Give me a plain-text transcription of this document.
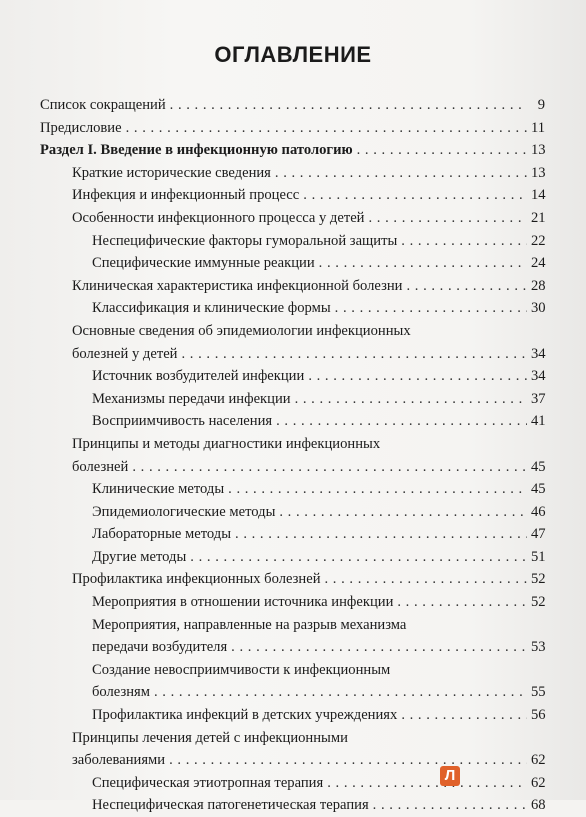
ОГЛАВЛЕНИЕ
Список сокращений . . .	9
Предисловие . . .	11
Раздел I. Введение в инфекционную патологию . . .	13
Краткие исторические сведения . . .	13
Инфекция и инфекционный процесс . . .	14
Особенности инфекционного процесса у детей . . .	21
Неспецифические факторы гуморальной защиты . . .	22
Специфические иммунные реакции . . .	24
Клиническая характеристика инфекционной болезни . . .	28
Классификация и клинические формы . . .	30
Основные сведения об эпидемиологии инфекционных
болезней у детей . . .	34
Источник возбудителей инфекции . . .	34
Механизмы передачи инфекции . . .	37
Восприимчивость населения . . .	41
Принципы и методы диагностики инфекционных
болезней . . .	45
Клинические методы . . .	45
Эпидемиологические методы . . .	46
Лабораторные методы . . .	47
Другие методы . . .	51
Профилактика инфекционных болезней . . .	52
Мероприятия в отношении источника инфекции . . .	52
Мероприятия, направленные на разрыв механизма
передачи возбудителя . . .	53
Создание невосприимчивости к инфекционным
болезням . . .	55
Профилактика инфекций в детских учреждениях . . .	56
Принципы лечения детей с инфекционными
заболеваниями . . .	62
Специфическая этиотропная терапия . . .	62
Неспецифическая патогенетическая терапия . . .	68
Л
